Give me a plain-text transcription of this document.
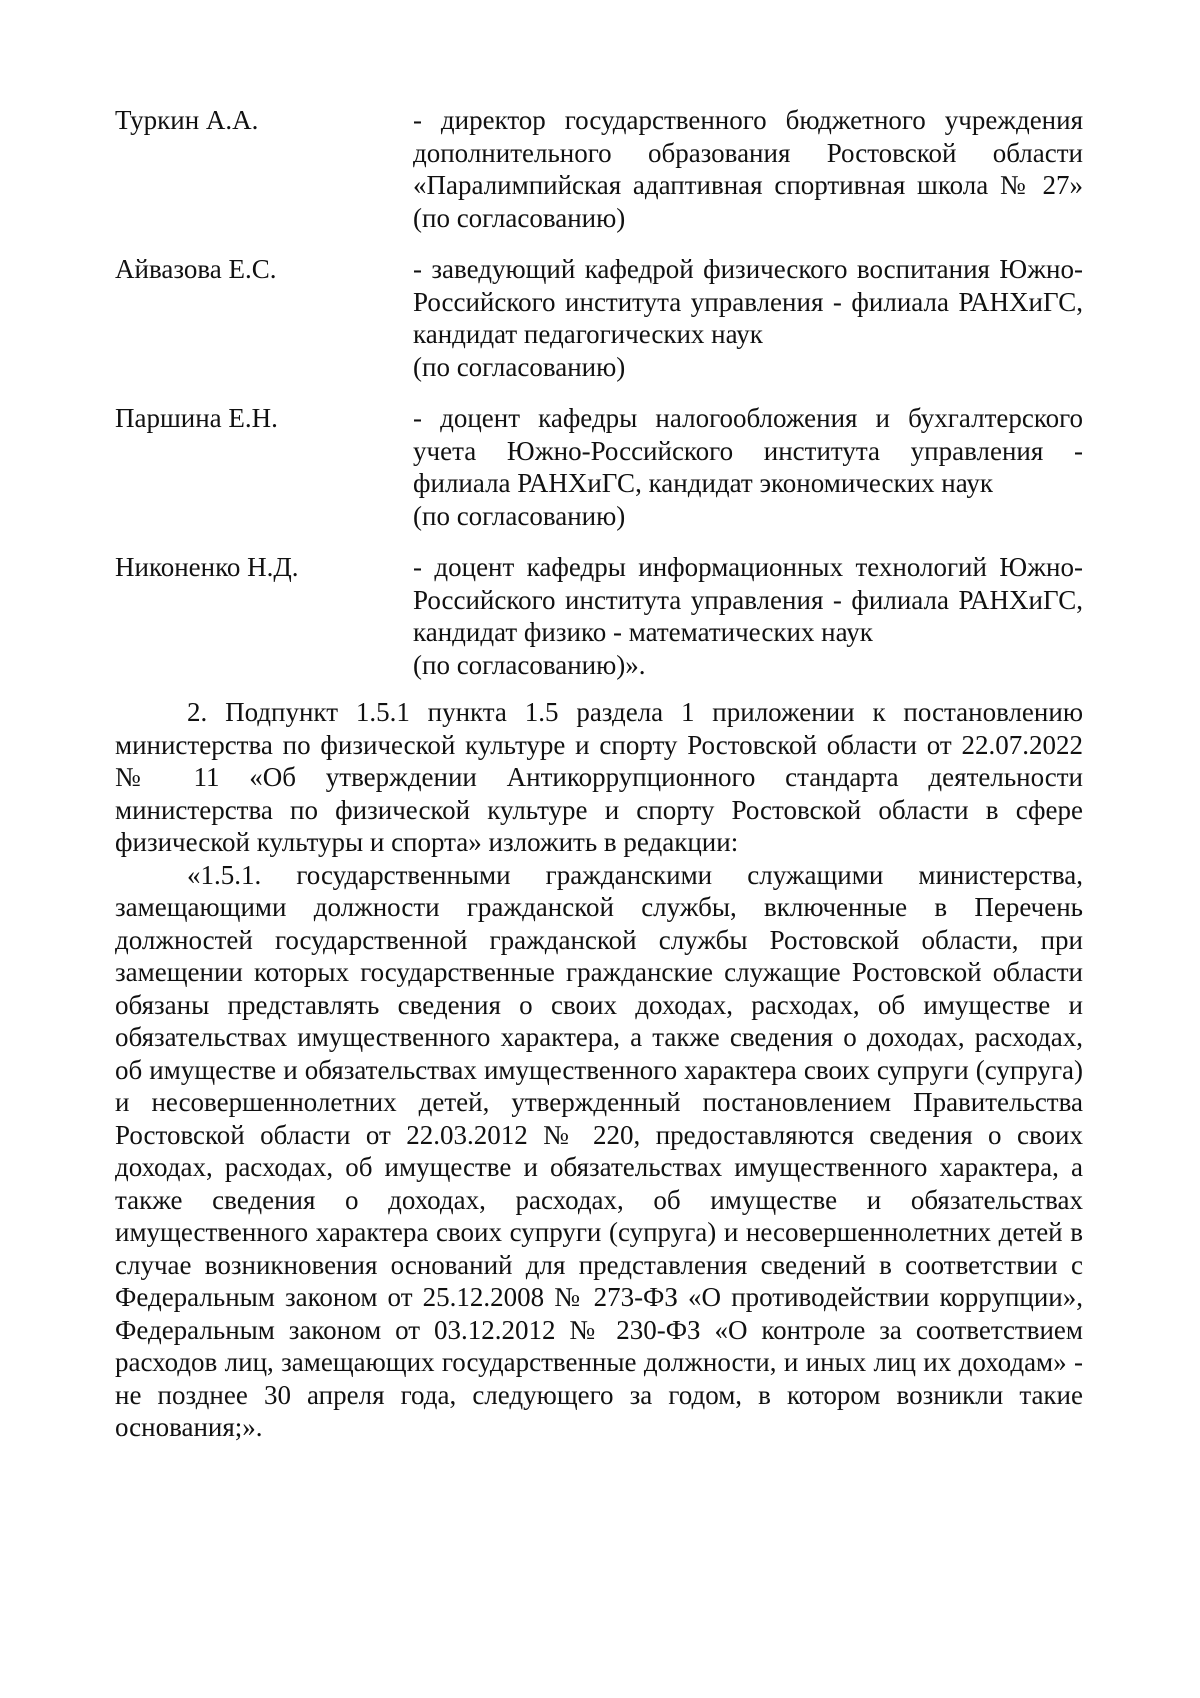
Туркин А.А.	- директор государственного бюджетного учреждения дополнительного образования Ростовской области «Паралимпийская адаптивная спортивная школа № 27» (по согласованию)
Айвазова Е.С.	- заведующий кафедрой физического воспитания Южно-Российского института управления - филиала РАНХиГС, кандидат педагогических наук
(по согласованию)
Паршина Е.Н.	- доцент кафедры налогообложения и бухгалтерского учета Южно-Российского института управления - филиала РАНХиГС, кандидат экономических наук
(по согласованию)
Никоненко Н.Д.	- доцент кафедры информационных технологий Южно-Российского института управления - филиала РАНХиГС, кандидат физико - математических наук
(по согласованию)».

2. Подпункт 1.5.1 пункта 1.5 раздела 1 приложении к постановлению министерства по физической культуре и спорту Ростовской области от 22.07.2022 № 11 «Об утверждении Антикоррупционного стандарта деятельности министерства по физической культуре и спорту Ростовской области в сфере физической культуры и спорта» изложить в редакции:

«1.5.1. государственными гражданскими служащими министерства, замещающими должности гражданской службы, включенные в Перечень должностей государственной гражданской службы Ростовской области, при замещении которых государственные гражданские служащие Ростовской области обязаны представлять сведения о своих доходах, расходах, об имуществе и обязательствах имущественного характера, а также сведения о доходах, расходах, об имуществе и обязательствах имущественного характера своих супруги (супруга) и несовершеннолетних детей, утвержденный постановлением Правительства Ростовской области от 22.03.2012 № 220, предоставляются сведения о своих доходах, расходах, об имуществе и обязательствах имущественного характера, а также сведения о доходах, расходах, об имуществе и обязательствах имущественного характера своих супруги (супруга) и несовершеннолетних детей в случае возникновения оснований для представления сведений в соответствии с Федеральным законом от 25.12.2008 № 273-ФЗ «О противодействии коррупции», Федеральным законом от 03.12.2012 № 230-ФЗ «О контроле за соответствием расходов лиц, замещающих государственные должности, и иных лиц их доходам» - не позднее 30 апреля года, следующего за годом, в котором возникли такие основания;».
